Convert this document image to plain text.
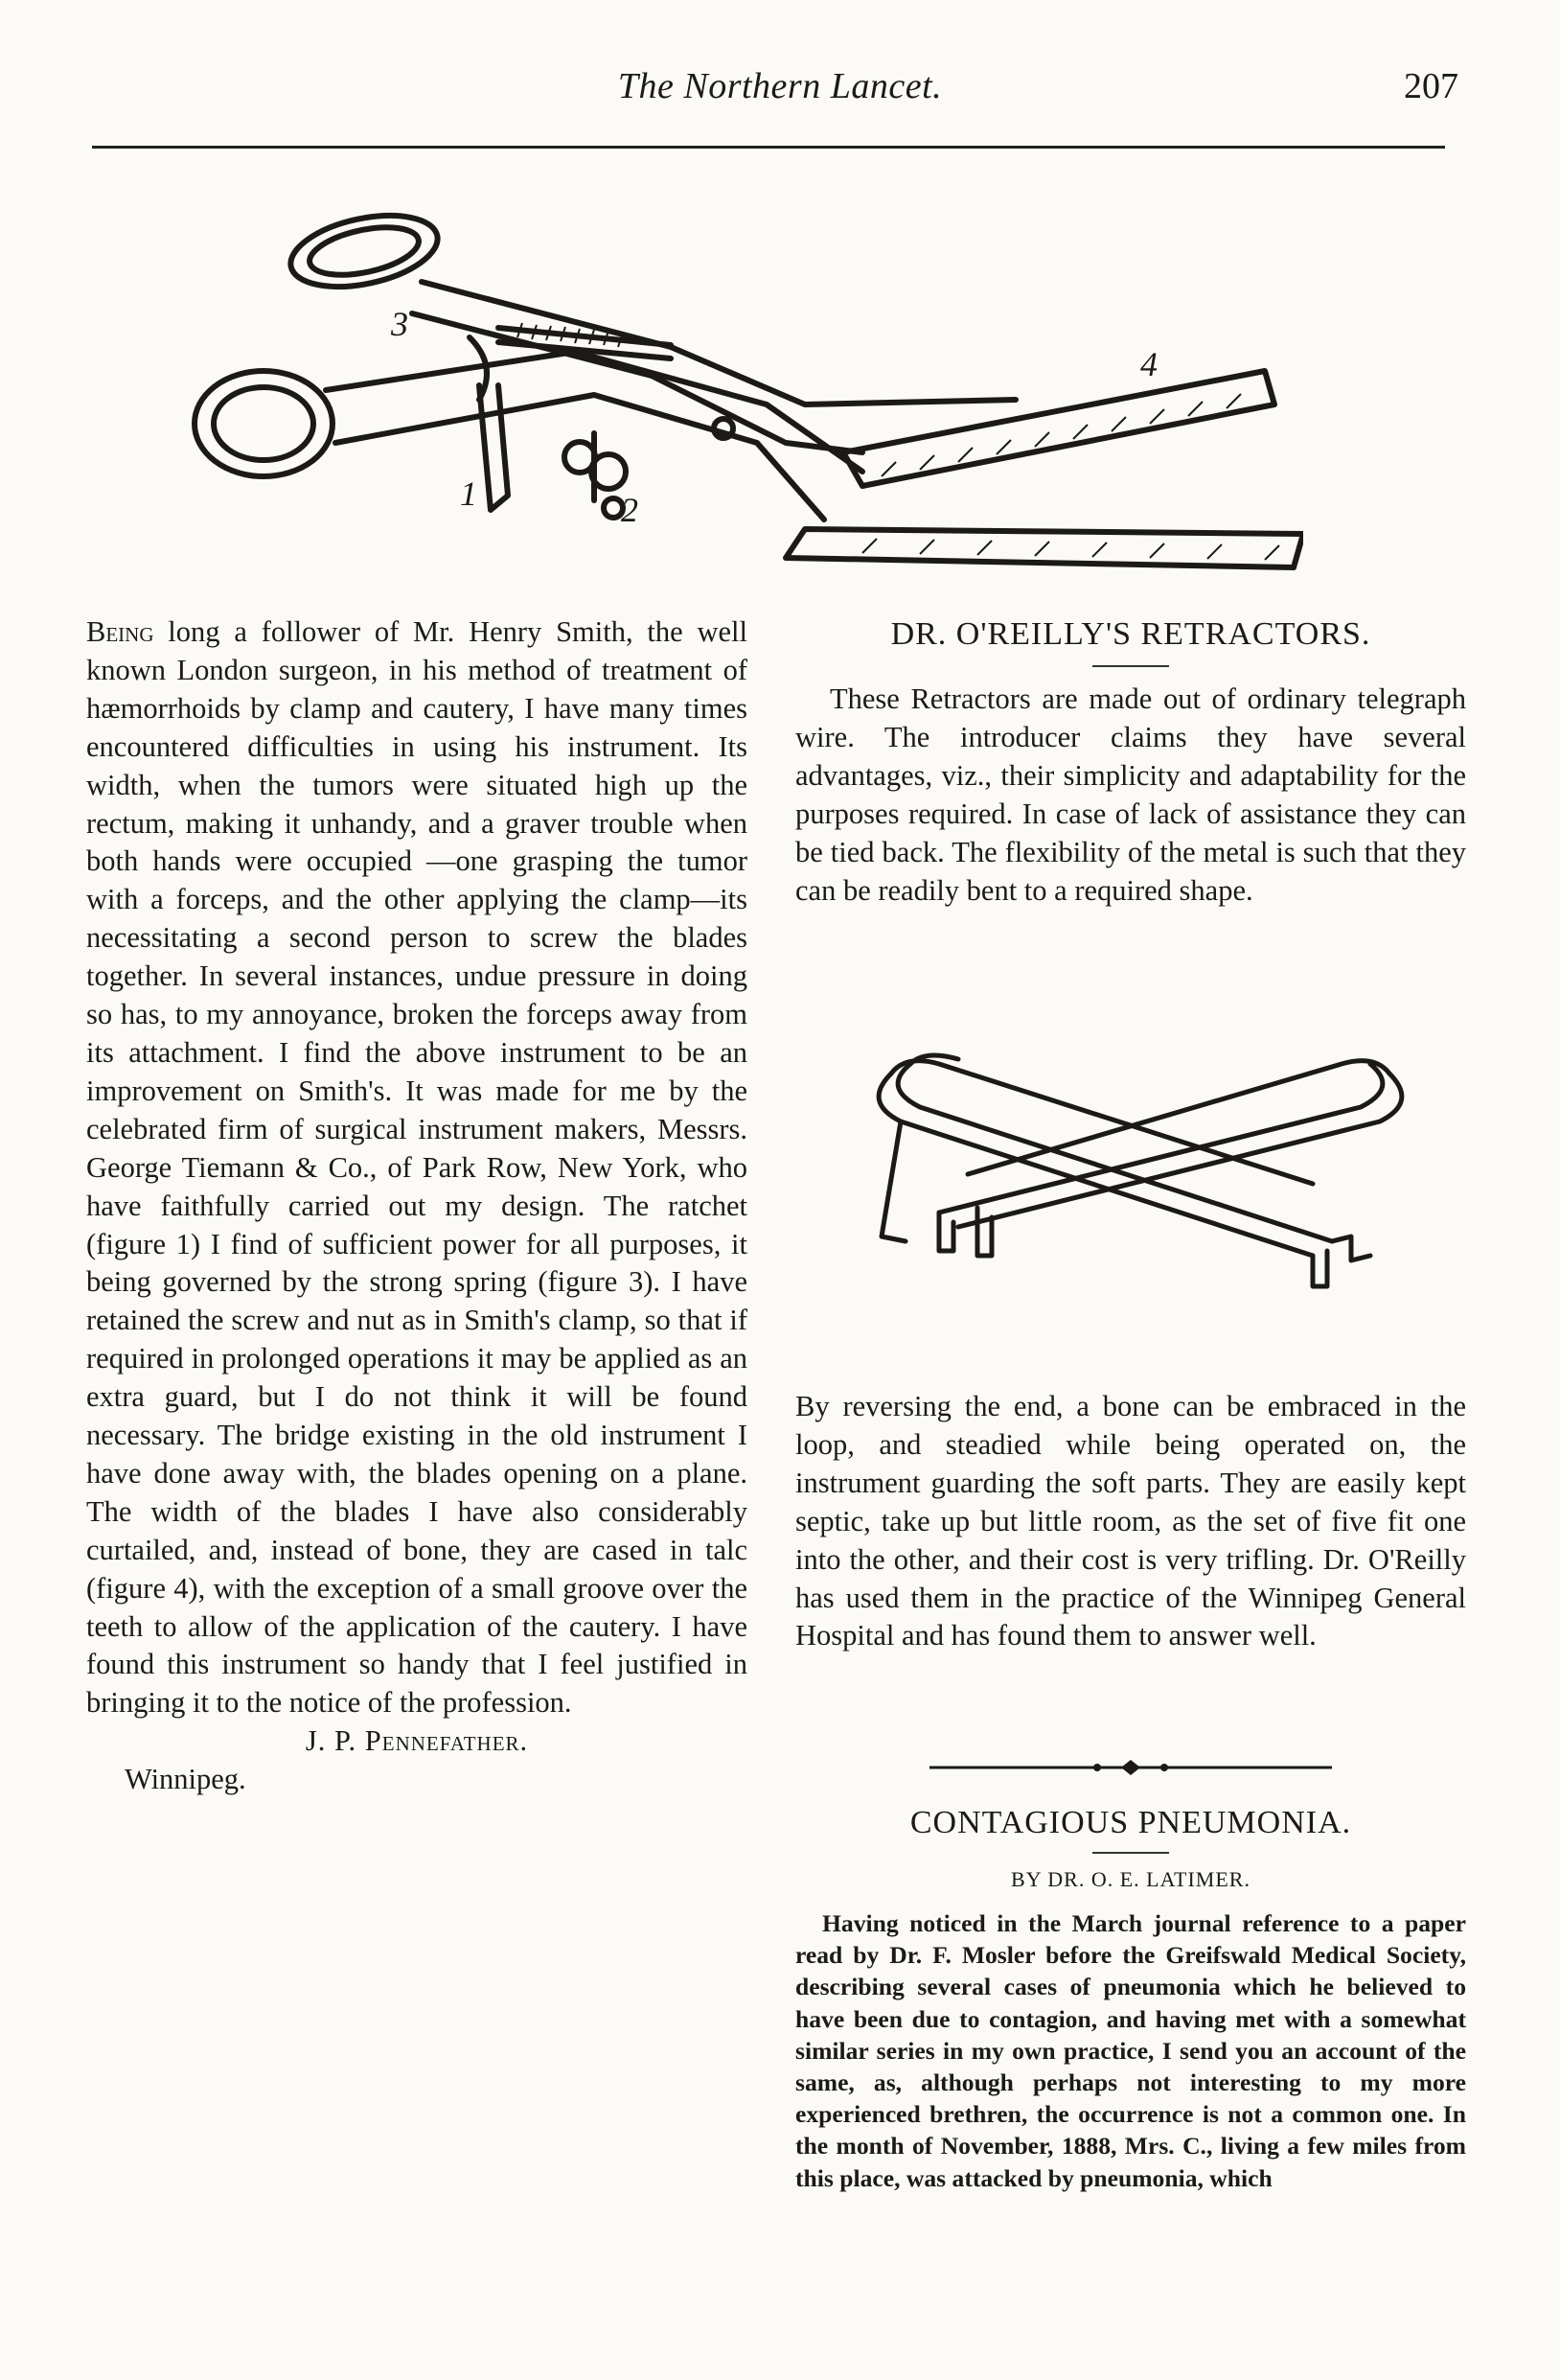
The Northern Lancet.	207
1	2
3
4

Being long a follower of Mr. Henry Smith, the well known London surgeon, in his method of treatment of hæmorrhoids by clamp and cautery, I have many times encountered difficulties in using his instrument. Its width, when the tumors were situated high up the rectum, making it unhandy, and a graver trouble when both hands were occupied —one grasping the tumor with a forceps, and the other applying the clamp—its necessitating a second person to screw the blades together. In several instances, undue pressure in doing so has, to my annoyance, broken the forceps away from its attachment. I find the above instrument to be an improvement on Smith's. It was made for me by the celebrated firm of surgical instrument makers, Messrs. George Tiemann & Co., of Park Row, New York, who have faithfully carried out my design. The ratchet (figure 1) I find of sufficient power for all purposes, it being governed by the strong spring (figure 3). I have retained the screw and nut as in Smith's clamp, so that if required in prolonged operations it may be applied as an extra guard, but I do not think it will be found necessary. The bridge existing in the old instrument I have done away with, the blades opening on a plane. The width of the blades I have also considerably curtailed, and, instead of bone, they are cased in talc (figure 4), with the exception of a small groove over the teeth to allow of the application of the cautery. I have found this instrument so handy that I feel justified in bringing it to the notice of the profession.

J. P. Pennefather.

Winnipeg.

DR. O'REILLY'S RETRACTORS.

These Retractors are made out of ordinary telegraph wire. The introducer claims they have several advantages, viz., their simplicity and adaptability for the purposes required. In case of lack of assistance they can be tied back. The flexibility of the metal is such that they can be readily bent to a required shape.

By reversing the end, a bone can be embraced in the loop, and steadied while being operated on, the instrument guarding the soft parts. They are easily kept septic, take up but little room, as the set of five fit one into the other, and their cost is very trifling. Dr. O'Reilly has used them in the practice of the Winnipeg General Hospital and has found them to answer well.

CONTAGIOUS PNEUMONIA.
BY DR. O. E. LATIMER.

Having noticed in the March journal reference to a paper read by Dr. F. Mosler before the Greifswald Medical Society, describing several cases of pneumonia which he believed to have been due to contagion, and having met with a somewhat similar series in my own practice, I send you an account of the same, as, although perhaps not interesting to my more experienced brethren, the occurrence is not a common one. In the month of November, 1888, Mrs. C., living a few miles from this place, was attacked by pneumonia, which
